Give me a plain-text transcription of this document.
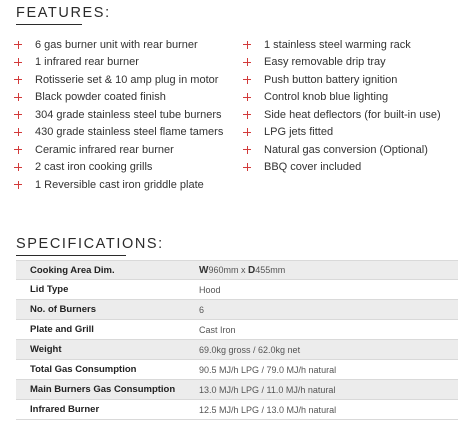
FEATURES:
6 gas burner unit with rear burner
1 infrared rear burner
Rotisserie set & 10 amp plug in motor
Black powder coated finish
304 grade stainless steel tube burners
430 grade stainless steel flame tamers
Ceramic infrared rear burner
2 cast iron cooking grills
1 Reversible cast iron griddle plate
1 stainless steel warming rack
Easy removable drip tray
Push button battery ignition
Control knob blue lighting
Side heat deflectors (for built-in use)
LPG jets fitted
Natural gas conversion (Optional)
BBQ cover included
SPECIFICATIONS:
Cooking Area Dim.	W960mm x D455mm
Lid Type	Hood
No. of Burners	6
Plate and Grill	Cast Iron
Weight	69.0kg gross / 62.0kg net
Total Gas Consumption	90.5 MJ/h LPG / 79.0 MJ/h natural
Main Burners Gas Consumption	13.0 MJ/h LPG / 11.0 MJ/h natural
Infrared Burner	12.5 MJ/h LPG / 13.0 MJ/h natural
